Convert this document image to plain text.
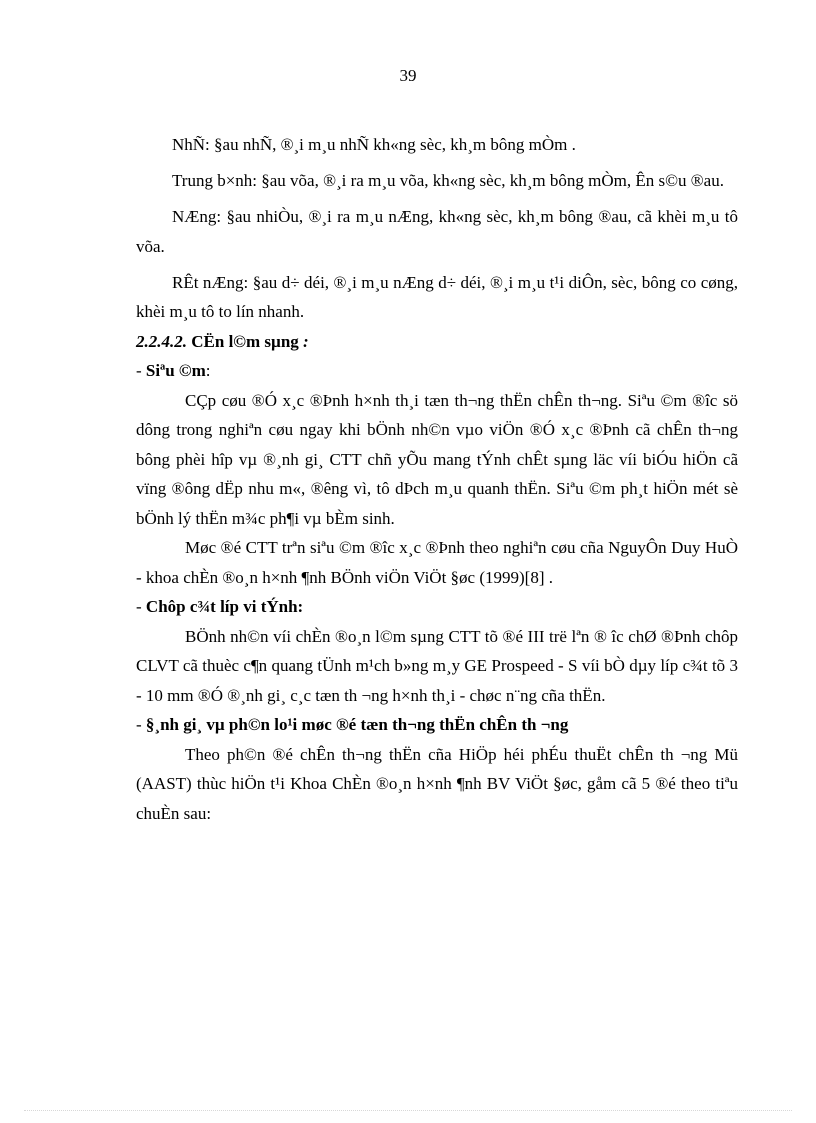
39

NhÑ: §au nhÑ, ®¸i m¸u nhÑ kh«ng sèc, kh¸m bông mÒm .

Trung b×nh: §au võa, ®¸i ra m¸u võa, kh«ng sèc, kh¸m bông mÒm, Ên s©u ®au.

NÆng: §au nhiÒu, ®¸i ra m¸u nÆng, kh«ng sèc, kh¸m bông ®au, cã khèi m¸u tô võa.

RÊt nÆng: §au d÷ déi, ®¸i m¸u nÆng d÷ déi, ®¸i m¸u t¹i diÔn, sèc, bông co cøng, khèi m¸u tô to lín nhanh.

2.2.4.2. CËn l©m sµng :

- Siªu ©m:

CÇp cøu ®Ó x¸c ®Þnh h×nh th¸i tæn th¬ng thËn chÊn th¬ng. Siªu ©m ®îc sö dông trong nghiªn cøu ngay khi bÖnh nh©n vµo viÖn ®Ó x¸c ®Þnh cã chÊn th¬ng bông phèi hîp vµ ®¸nh gi¸ CTT chñ yÕu mang tÝnh chÊt sµng läc víi biÓu hiÖn cã vïng ®ông dËp nhu m«, ®êng vì, tô dÞch m¸u quanh thËn. Siªu ©m ph¸t hiÖn mét sè bÖnh lý thËn m¾c ph¶i vµ bÈm sinh.

Møc ®é CTT trªn siªu ©m ®îc x¸c ®Þnh theo nghiªn cøu cña NguyÔn Duy HuÒ - khoa chÈn ®o¸n h×nh ¶nh BÖnh viÖn ViÖt §øc (1999)[8] .

- Chôp c¾t líp vi tÝnh:

BÖnh nh©n víi chÈn ®o¸n l©m sµng CTT tõ ®é III trë lªn ® îc chØ ®Þnh chôp CLVT cã thuèc c¶n quang tÜnh m¹ch b»ng m¸y GE Prospeed - S víi bÒ dµy líp c¾t tõ 3 - 10 mm ®Ó ®¸nh gi¸ c¸c tæn th ¬ng h×nh th¸i - chøc n¨ng cña thËn.

- §¸nh gi¸ vµ ph©n lo¹i møc ®é tæn th¬ng thËn chÊn th ¬ng

Theo ph©n ®é chÊn th¬ng thËn cña HiÖp héi phÉu thuËt chÊn th ¬ng Mü (AAST) thùc hiÖn t¹i Khoa ChÈn ®o¸n h×nh ¶nh BV ViÖt §øc, gåm cã 5 ®é theo tiªu chuÈn sau:
